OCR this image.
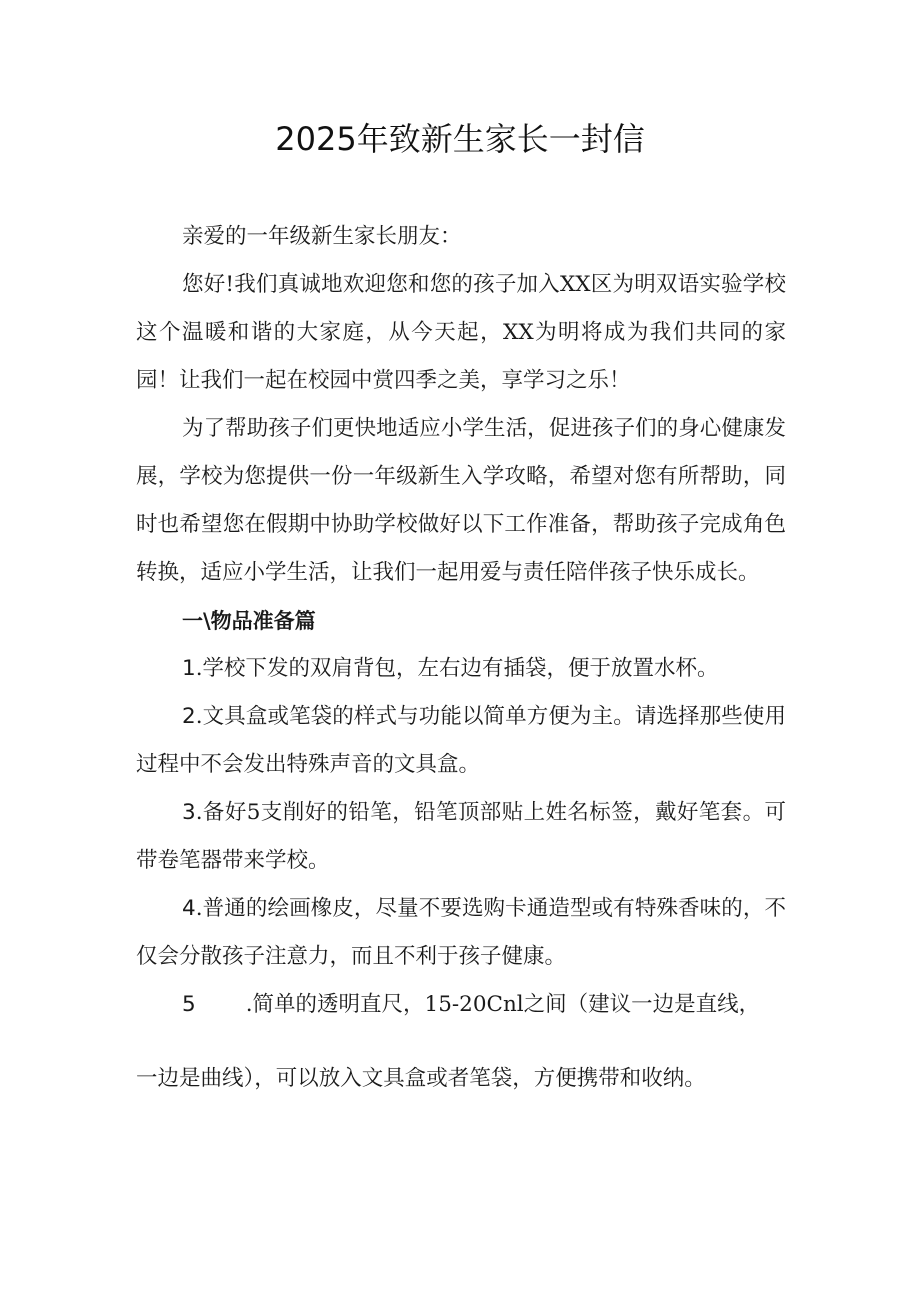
2025年致新生家长一封信

亲爱的一年级新生家长朋友：

您好!我们真诚地欢迎您和您的孩子加入XX区为明双语实验学校这个温暖和谐的大家庭，从今天起，XX为明将成为我们共同的家园！让我们一起在校园中赏四季之美，享学习之乐！

为了帮助孩子们更快地适应小学生活，促进孩子们的身心健康发展，学校为您提供一份一年级新生入学攻略，希望对您有所帮助，同时也希望您在假期中协助学校做好以下工作准备，帮助孩子完成角色转换，适应小学生活，让我们一起用爱与责任陪伴孩子快乐成长。

一\物品准备篇

1.学校下发的双肩背包，左右边有插袋，便于放置水杯。

2.文具盒或笔袋的样式与功能以简单方便为主。请选择那些使用过程中不会发出特殊声音的文具盒。

3.备好5支削好的铅笔，铅笔顶部贴上姓名标签，戴好笔套。可带卷笔器带来学校。

4.普通的绘画橡皮，尽量不要选购卡通造型或有特殊香味的，不仅会分散孩子注意力，而且不利于孩子健康。

5 .简单的透明直尺，15-20Cnl之间（建议一边是直线，

一边是曲线），可以放入文具盒或者笔袋，方便携带和收纳。
